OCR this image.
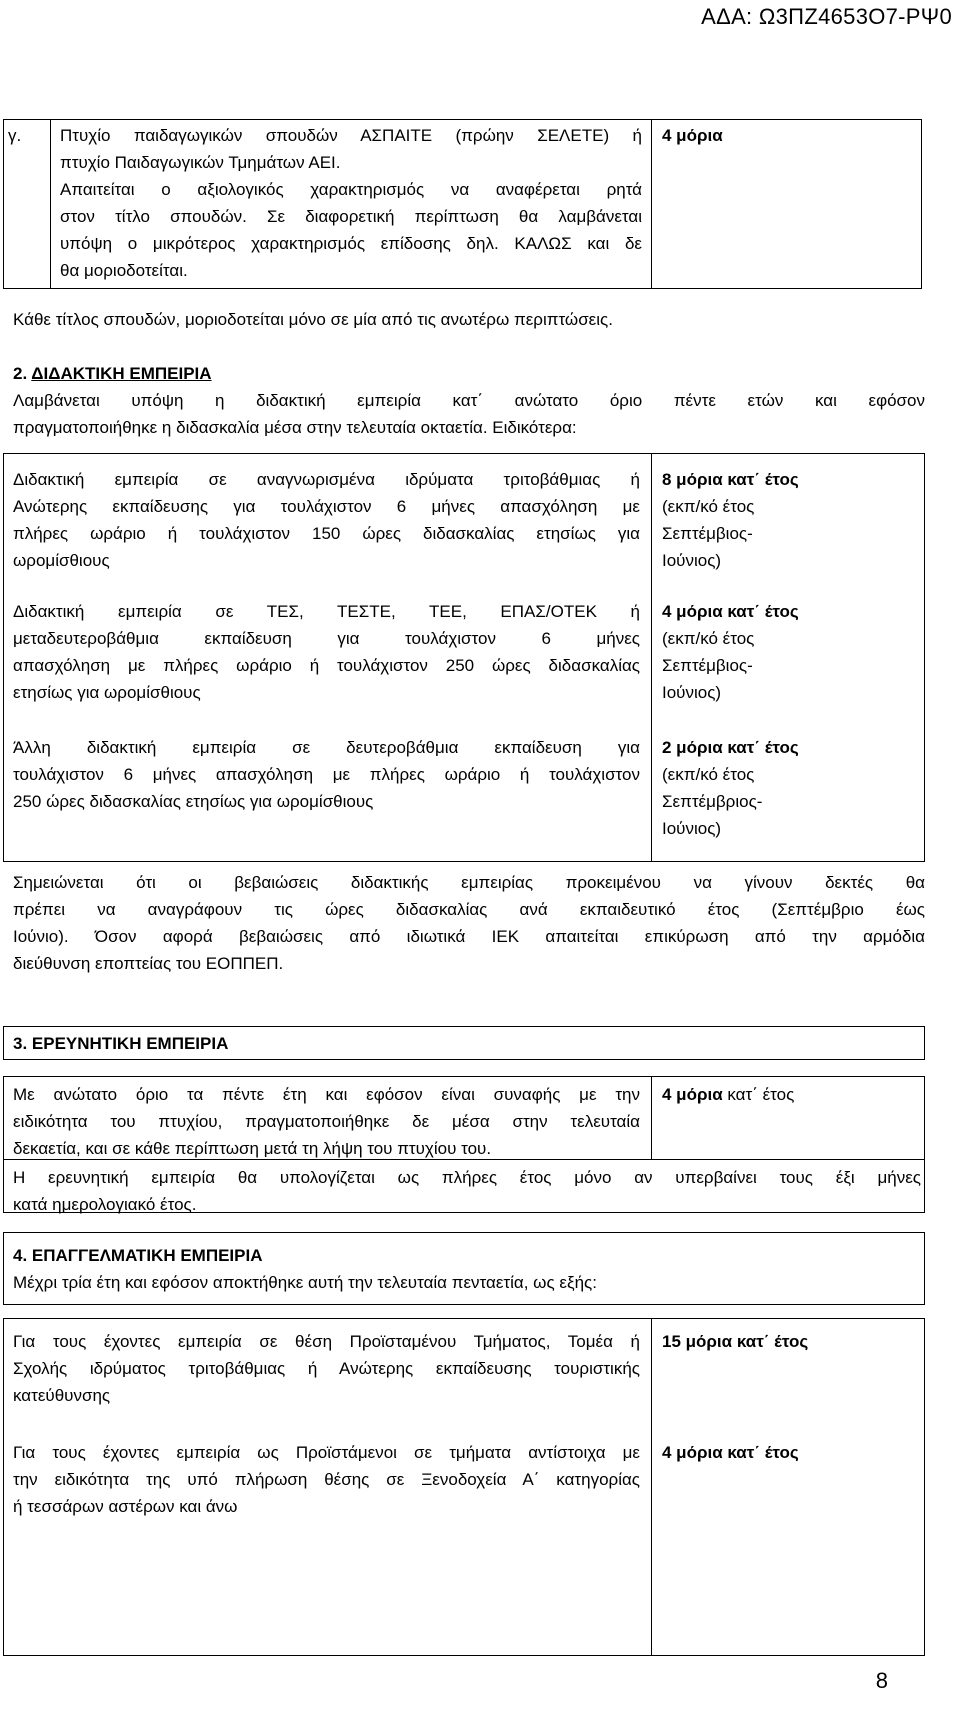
ΑΔΑ: Ω3ΠΖ4653Ο7-ΡΨ0
γ. Πτυχίο παιδαγωγικών σπουδών ΑΣΠΑΙΤΕ (πρώην ΣΕΛΕΤΕ) ή
πτυχίο Παιδαγωγικών Τμημάτων ΑΕΙ.
Απαιτείται ο αξιολογικός χαρακτηρισμός να αναφέρεται ρητά
στον τίτλο σπουδών. Σε διαφορετική περίπτωση θα λαμβάνεται
υπόψη ο μικρότερος χαρακτηρισμός επίδοσης δηλ. ΚΑΛΩΣ και δε
θα μοριοδοτείται.
4 μόρια
Κάθε τίτλος σπουδών, μοριοδοτείται μόνο σε μία από τις ανωτέρω περιπτώσεις.
2. ΔΙΔΑΚΤΙΚΗ ΕΜΠΕΙΡΙΑ
Λαμβάνεται υπόψη η διδακτική εμπειρία κατ΄ ανώτατο όριο πέντε ετών και εφόσον
πραγματοποιήθηκε η διδασκαλία μέσα στην τελευταία οκταετία. Ειδικότερα:
Διδακτική εμπειρία σε αναγνωρισμένα ιδρύματα τριτοβάθμιας ή
Ανώτερης εκπαίδευσης για τουλάχιστον 6 μήνες απασχόληση με
πλήρες ωράριο ή τουλάχιστον 150 ώρες διδασκαλίας ετησίως για
ωρομίσθιους
8 μόρια κατ΄ έτος
(εκπ/κό έτος
Σεπτέμβιος-
Ιούνιος)
Διδακτική εμπειρία σε ΤΕΣ, ΤΕΣΤΕ, ΤΕΕ, ΕΠΑΣ/ΟΤΕΚ ή
μεταδευτεροβάθμια εκπαίδευση για τουλάχιστον 6 μήνες
απασχόληση με πλήρες ωράριο ή τουλάχιστον 250 ώρες διδασκαλίας
ετησίως για ωρομίσθιους
4 μόρια κατ΄ έτος
(εκπ/κό έτος
Σεπτέμβιος-
Ιούνιος)
Άλλη διδακτική εμπειρία σε δευτεροβάθμια εκπαίδευση για
τουλάχιστον 6 μήνες απασχόληση με πλήρες ωράριο ή τουλάχιστον
250 ώρες διδασκαλίας ετησίως για ωρομίσθιους
2 μόρια κατ΄ έτος
(εκπ/κό έτος
Σεπτέμβριος-
Ιούνιος)
Σημειώνεται ότι οι βεβαιώσεις διδακτικής εμπειρίας προκειμένου να γίνουν δεκτές θα
πρέπει να αναγράφουν τις ώρες διδασκαλίας ανά εκπαιδευτικό έτος (Σεπτέμβριο έως
Ιούνιο). Όσον αφορά βεβαιώσεις από ιδιωτικά ΙΕΚ απαιτείται επικύρωση από την αρμόδια
διεύθυνση εποπτείας του ΕΟΠΠΕΠ.
3. ΕΡΕΥΝΗΤΙΚΗ ΕΜΠΕΙΡΙΑ
Με ανώτατο όριο τα πέντε έτη και εφόσον είναι συναφής με την
ειδικότητα του πτυχίου, πραγματοποιήθηκε δε μέσα στην τελευταία
δεκαετία, και σε κάθε περίπτωση μετά τη λήψη του πτυχίου του.
4 μόρια κατ΄ έτος
Η ερευνητική εμπειρία θα υπολογίζεται ως πλήρες έτος μόνο αν υπερβαίνει τους έξι μήνες
κατά ημερολογιακό έτος.
4. ΕΠΑΓΓΕΛΜΑΤΙΚΗ ΕΜΠΕΙΡΙΑ
Μέχρι τρία έτη και εφόσον αποκτήθηκε αυτή την τελευταία πενταετία, ως εξής:
Για τους έχοντες εμπειρία σε θέση Προϊσταμένου Τμήματος, Τομέα ή
Σχολής ιδρύματος τριτοβάθμιας ή Ανώτερης εκπαίδευσης τουριστικής
κατεύθυνσης
15 μόρια κατ΄ έτος
Για τους έχοντες εμπειρία ως Προϊστάμενοι σε τμήματα αντίστοιχα με
την ειδικότητα της υπό πλήρωση θέσης σε Ξενοδοχεία Α΄ κατηγορίας
ή τεσσάρων αστέρων και άνω
4 μόρια κατ΄ έτος
8
